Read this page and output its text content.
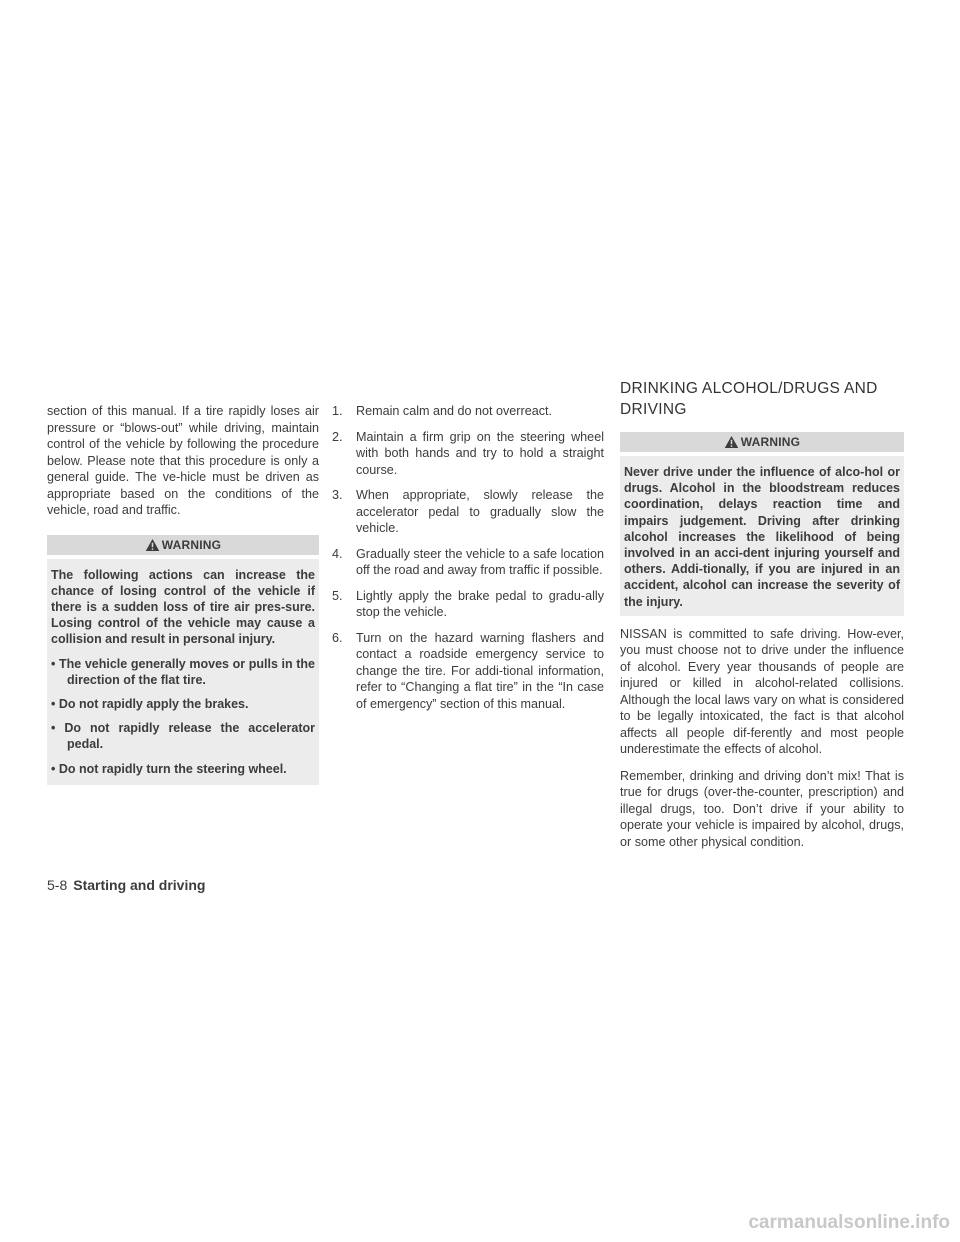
section of this manual. If a tire rapidly loses air pressure or “blows-out” while driving, maintain control of the vehicle by following the procedure below. Please note that this procedure is only a general guide. The ve-hicle must be driven as appropriate based on the conditions of the vehicle, road and traffic.

WARNING

The following actions can increase the chance of losing control of the vehicle if there is a sudden loss of tire air pres-sure. Losing control of the vehicle may cause a collision and result in personal injury.

• The vehicle generally moves or pulls in the direction of the flat tire.
• Do not rapidly apply the brakes.
• Do not rapidly release the accelerator pedal.
• Do not rapidly turn the steering wheel.
1.	Remain calm and do not overreact.
2.	Maintain a firm grip on the steering wheel with both hands and try to hold a straight course.
3.	When appropriate, slowly release the accelerator pedal to gradually slow the vehicle.
4.	Gradually steer the vehicle to a safe location off the road and away from traffic if possible.
5.	Lightly apply the brake pedal to gradu-ally stop the vehicle.
6.	Turn on the hazard warning flashers and contact a roadside emergency service to change the tire. For addi-tional information, refer to “Changing a flat tire” in the “In case of emergency” section of this manual.
DRINKING ALCOHOL/DRUGS AND DRIVING
WARNING

Never drive under the influence of alco-hol or drugs. Alcohol in the bloodstream reduces coordination, delays reaction time and impairs judgement. Driving after drinking alcohol increases the likelihood of being involved in an acci-dent injuring yourself and others. Addi-tionally, if you are injured in an accident, alcohol can increase the severity of the injury.

NISSAN is committed to safe driving. How-ever, you must choose not to drive under the influence of alcohol. Every year thousands of people are injured or killed in alcohol-related collisions. Although the local laws vary on what is considered to be legally intoxicated, the fact is that alcohol affects all people dif-ferently and most people underestimate the effects of alcohol.

Remember, drinking and driving don’t mix! That is true for drugs (over-the-counter, prescription) and illegal drugs, too. Don’t drive if your ability to operate your vehicle is impaired by alcohol, drugs, or some other physical condition.

5-8 Starting and driving
carmanualsonline.info
